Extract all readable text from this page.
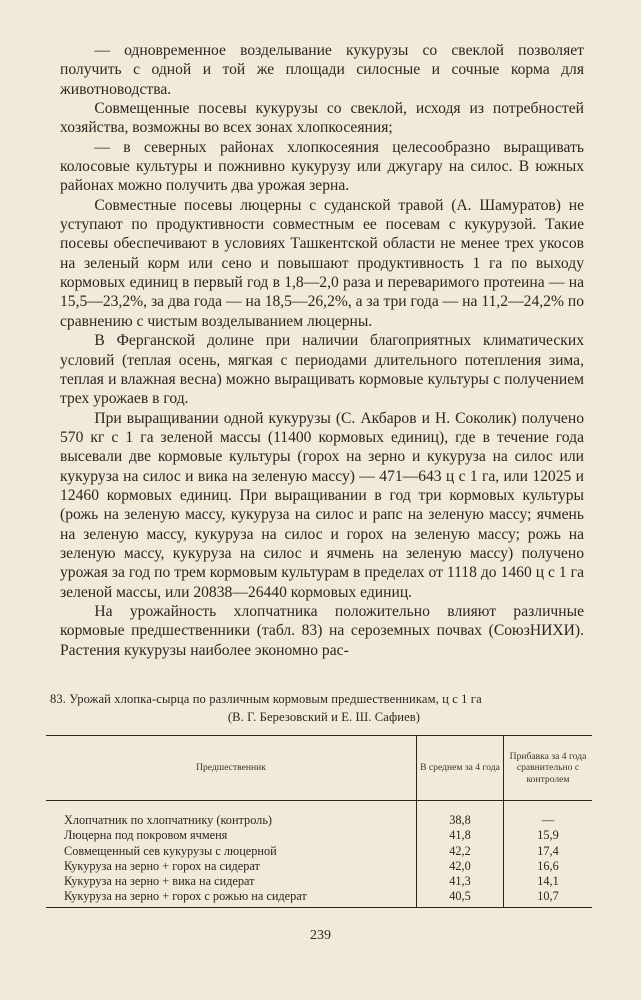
— одновременное возделывание кукурузы со свеклой позволяет получить с одной и той же площади силосные и сочные корма для животноводства.

Совмещенные посевы кукурузы со свеклой, исходя из потребностей хозяйства, возможны во всех зонах хлопкосеяния;

— в северных районах хлопкосеяния целесообразно выращивать колосовые культуры и пожнивно кукурузу или джугару на силос. В южных районах можно получить два урожая зерна.

Совместные посевы люцерны с суданской травой (А. Шамуратов) не уступают по продуктивности совместным ее посевам с кукурузой. Такие посевы обеспечивают в условиях Ташкентской области не менее трех укосов на зеленый корм или сено и повышают продуктивность 1 га по выходу кормовых единиц в первый год в 1,8—2,0 раза и переваримого протеина — на 15,5—23,2%, за два года — на 18,5—26,2%, а за три года — на 11,2—24,2% по сравнению с чистым возделыванием люцерны.

В Ферганской долине при наличии благоприятных климатических условий (теплая осень, мягкая с периодами длительного потепления зима, теплая и влажная весна) можно выращивать кормовые культуры с получением трех урожаев в год.

При выращивании одной кукурузы (С. Акбаров и Н. Соколик) получено 570 кг с 1 га зеленой массы (11400 кормовых единиц), где в течение года высевали две кормовые культуры (горох на зерно и кукуруза на силос или кукуруза на силос и вика на зеленую массу) — 471—643 ц с 1 га, или 12025 и 12460 кормовых единиц. При выращивании в год три кормовых культуры (рожь на зеленую массу, кукуруза на силос и рапс на зеленую массу; ячмень на зеленую массу, кукуруза на силос и горох на зеленую массу; рожь на зеленую массу, кукуруза на силос и ячмень на зеленую массу) получено урожая за год по трем кормовым культурам в пределах от 1118 до 1460 ц с 1 га зеленой массы, или 20838—26440 кормовых единиц.

На урожайность хлопчатника положительно влияют различные кормовые предшественники (табл. 83) на сероземных почвах (СоюзНИХИ). Растения кукурузы наиболее экономно рас-

83. Урожай хлопка-сырца по различным кормовым предшественникам, ц с 1 га
(В. Г. Березовский и Е. Ш. Сафиев)
Предшественник	В среднем за 4 года	Прибавка за 4 года сравнительно с контролем
Хлопчатник по хлопчатнику (контроль)	38,8	—
Люцерна под покровом ячменя	41,8	15,9
Совмещенный сев кукурузы с люцерной	42,2	17,4
Кукуруза на зерно + горох на сидерат	42,0	16,6
Кукуруза на зерно + вика на сидерат	41,3	14,1
Кукуруза на зерно + горох с рожью на сидерат	40,5	10,7
239
